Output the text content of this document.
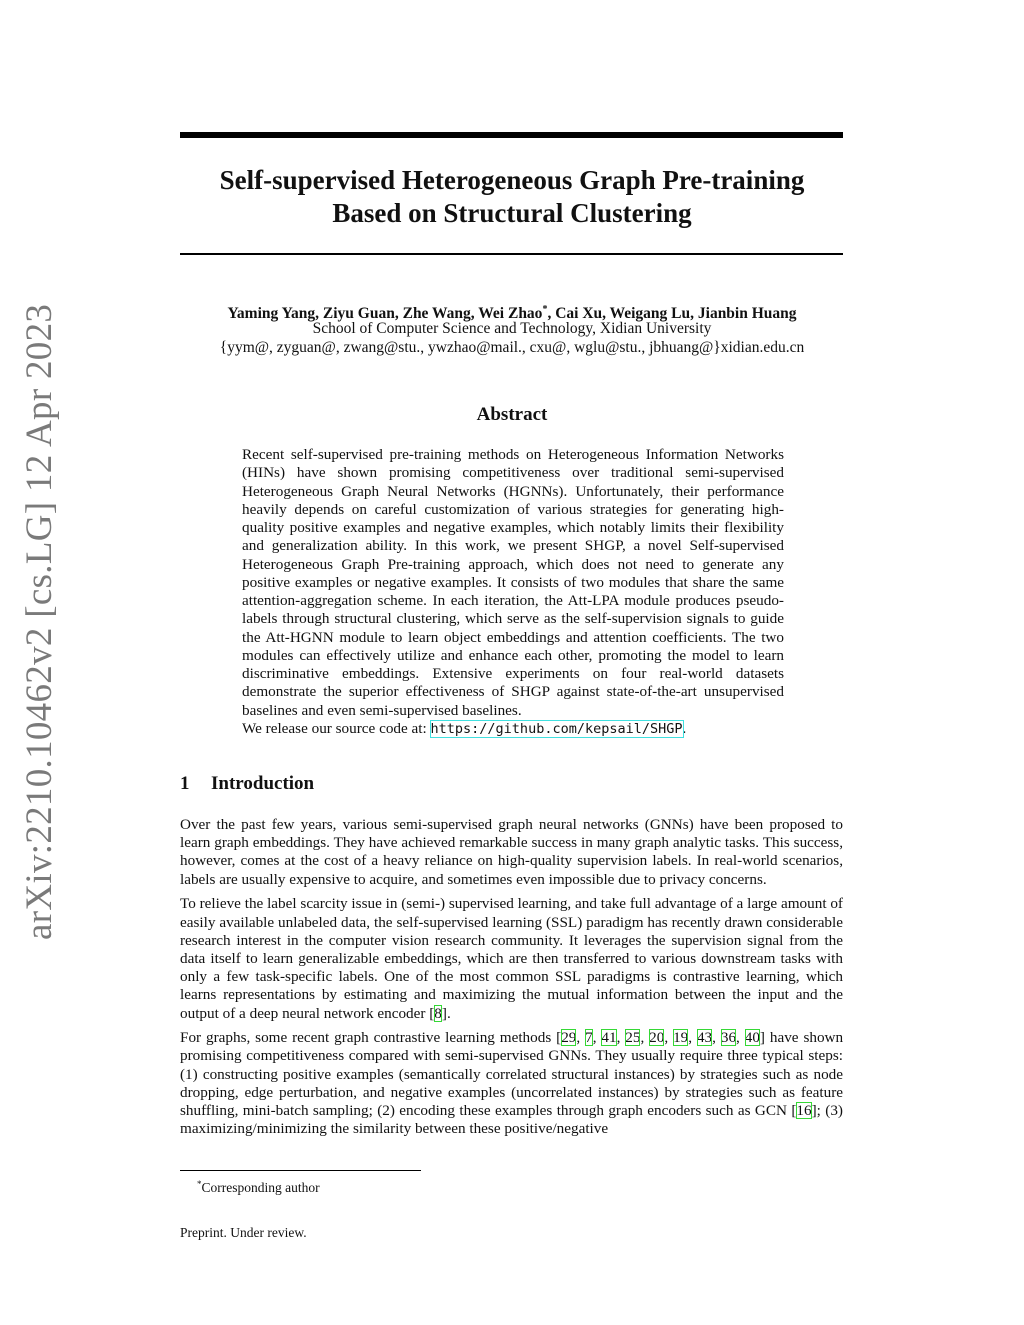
arXiv:2210.10462v2 [cs.LG] 12 Apr 2023
Self-supervised Heterogeneous Graph Pre-training
Based on Structural Clustering
Yaming Yang, Ziyu Guan, Zhe Wang, Wei Zhao*, Cai Xu, Weigang Lu, Jianbin Huang
School of Computer Science and Technology, Xidian University
{yym@, zyguan@, zwang@stu., ywzhao@mail., cxu@, wglu@stu., jbhuang@}xidian.edu.cn
Abstract
Recent self-supervised pre-training methods on Heterogeneous Information Networks (HINs) have shown promising competitiveness over traditional semi-supervised Heterogeneous Graph Neural Networks (HGNNs). Unfortunately, their performance heavily depends on careful customization of various strategies for generating high-quality positive examples and negative examples, which notably limits their flexibility and generalization ability. In this work, we present SHGP, a novel Self-supervised Heterogeneous Graph Pre-training approach, which does not need to generate any positive examples or negative examples. It consists of two modules that share the same attention-aggregation scheme. In each iteration, the Att-LPA module produces pseudo-labels through structural clustering, which serve as the self-supervision signals to guide the Att-HGNN module to learn object embeddings and attention coefficients. The two modules can effectively utilize and enhance each other, promoting the model to learn discriminative embeddings. Extensive experiments on four real-world datasets demonstrate the superior effectiveness of SHGP against state-of-the-art unsupervised baselines and even semi-supervised baselines.
We release our source code at: https://github.com/kepsail/SHGP.
1 Introduction

Over the past few years, various semi-supervised graph neural networks (GNNs) have been proposed to learn graph embeddings. They have achieved remarkable success in many graph analytic tasks. This success, however, comes at the cost of a heavy reliance on high-quality supervision labels. In real-world scenarios, labels are usually expensive to acquire, and sometimes even impossible due to privacy concerns.

To relieve the label scarcity issue in (semi-) supervised learning, and take full advantage of a large amount of easily available unlabeled data, the self-supervised learning (SSL) paradigm has recently drawn considerable research interest in the computer vision research community. It leverages the supervision signal from the data itself to learn generalizable embeddings, which are then transferred to various downstream tasks with only a few task-specific labels. One of the most common SSL paradigms is contrastive learning, which learns representations by estimating and maximizing the mutual information between the input and the output of a deep neural network encoder [8].

For graphs, some recent graph contrastive learning methods [29, 7, 41, 25, 20, 19, 43, 36, 40] have shown promising competitiveness compared with semi-supervised GNNs. They usually require three typical steps: (1) constructing positive examples (semantically correlated structural instances) by strategies such as node dropping, edge perturbation, and negative examples (uncorrelated instances) by strategies such as feature shuffling, mini-batch sampling; (2) encoding these examples through graph encoders such as GCN [16]; (3) maximizing/minimizing the similarity between these positive/negative

*Corresponding author
Preprint. Under review.
